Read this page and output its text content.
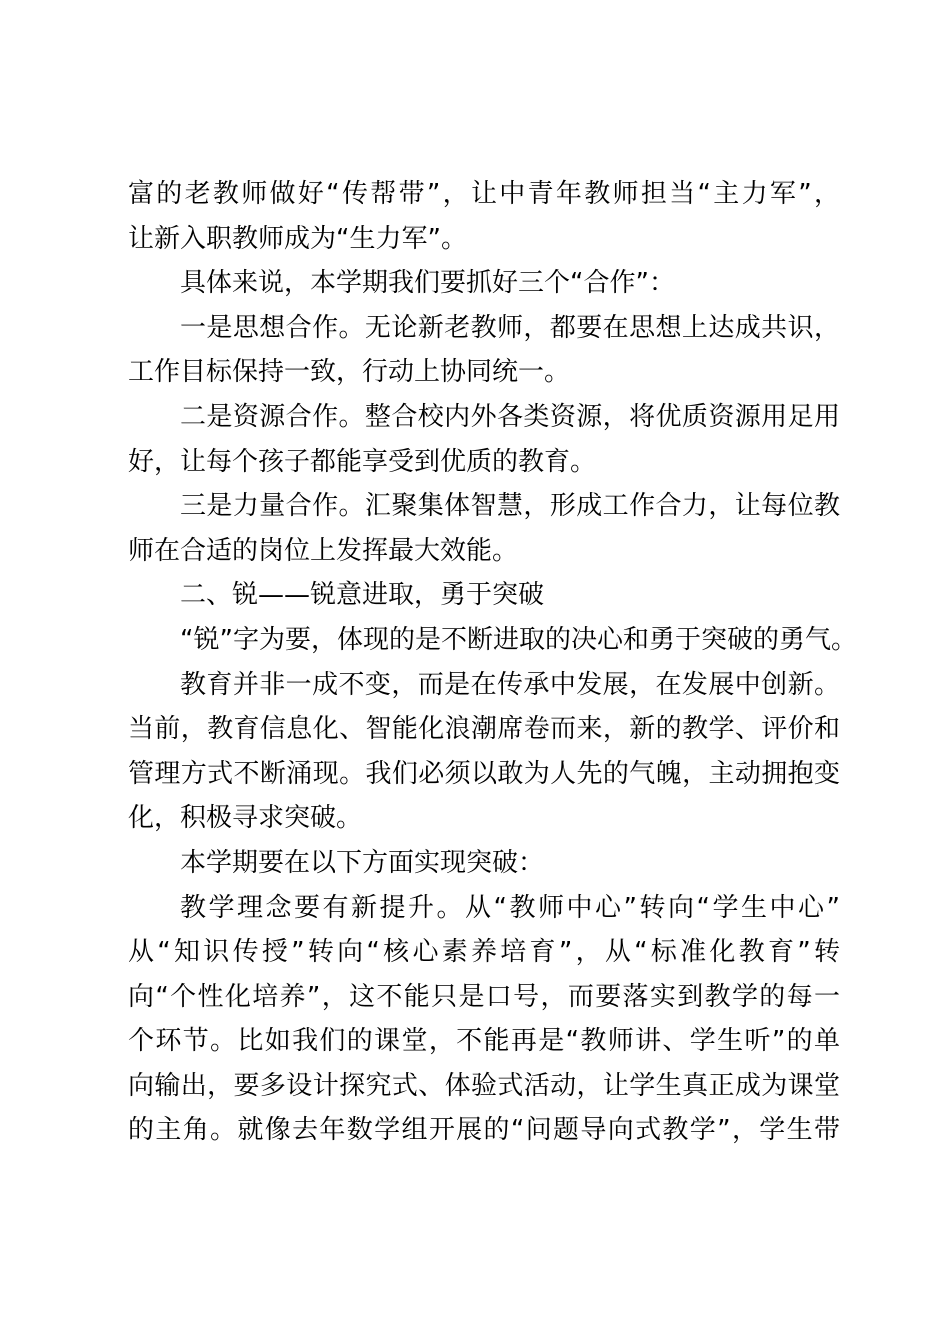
富的老教师做好“传帮带”，让中青年教师担当“主力军”，
让新入职教师成为“生力军”。
具体来说，本学期我们要抓好三个“合作”：
一是思想合作。无论新老教师，都要在思想上达成共识，
工作目标保持一致，行动上协同统一。
二是资源合作。整合校内外各类资源，将优质资源用足用
好，让每个孩子都能享受到优质的教育。
三是力量合作。汇聚集体智慧，形成工作合力，让每位教
师在合适的岗位上发挥最大效能。
二、锐——锐意进取，勇于突破
“锐”字为要，体现的是不断进取的决心和勇于突破的勇气。
教育并非一成不变，而是在传承中发展，在发展中创新。
当前，教育信息化、智能化浪潮席卷而来，新的教学、评价和
管理方式不断涌现。我们必须以敢为人先的气魄，主动拥抱变
化，积极寻求突破。
本学期要在以下方面实现突破：
教学理念要有新提升。从“教师中心”转向“学生中心”
从“知识传授”转向“核心素养培育”，从“标准化教育”转
向“个性化培养”，这不能只是口号，而要落实到教学的每一
个环节。比如我们的课堂，不能再是“教师讲、学生听”的单
向输出，要多设计探究式、体验式活动，让学生真正成为课堂
的主角。就像去年数学组开展的“问题导向式教学”，学生带
